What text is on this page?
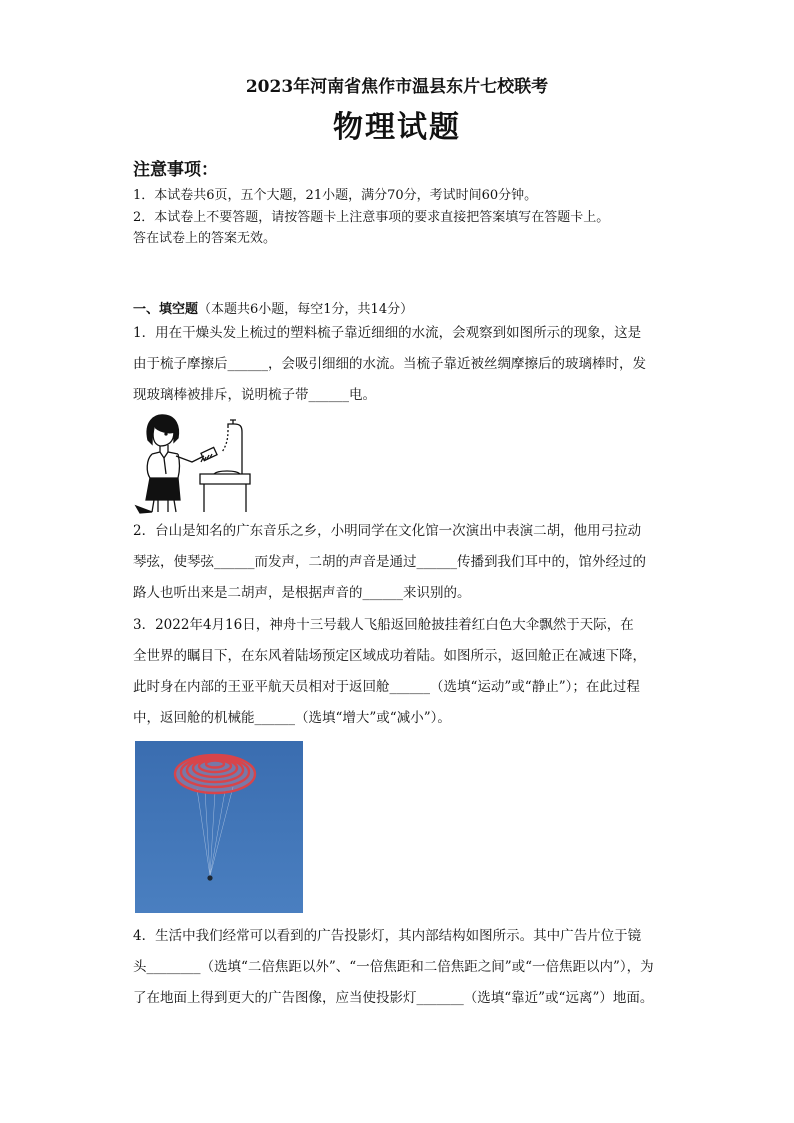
2023年河南省焦作市温县东片七校联考
物理试题
注意事项：
1．本试卷共6页，五个大题，21小题，满分70分，考试时间60分钟。
2．本试卷上不要答题，请按答题卡上注意事项的要求直接把答案填写在答题卡上。
答在试卷上的答案无效。
一、填空题（本题共6小题，每空1分，共14分）

1．用在干燥头发上梳过的塑料梳子靠近细细的水流，会观察到如图所示的现象，这是

由于梳子摩擦后______，会吸引细细的水流。当梳子靠近被丝绸摩擦后的玻璃棒时，发

现玻璃棒被排斥，说明梳子带______电。

2．台山是知名的广东音乐之乡，小明同学在文化馆一次演出中表演二胡，他用弓拉动

琴弦，使琴弦______而发声，二胡的声音是通过______传播到我们耳中的，馆外经过的

路人也听出来是二胡声，是根据声音的______来识别的。

3．2022年4月16日，神舟十三号载人飞船返回舱披挂着红白色大伞飘然于天际，在

全世界的瞩目下，在东风着陆场预定区域成功着陆。如图所示，返回舱正在减速下降，

此时身在内部的王亚平航天员相对于返回舱______（选填“运动”或“静止”）；在此过程

中，返回舱的机械能______（选填“增大”或“减小”）。

4．生活中我们经常可以看到的广告投影灯，其内部结构如图所示。其中广告片位于镜

头________（选填“二倍焦距以外”、“一倍焦距和二倍焦距之间”或“一倍焦距以内”），为

了在地面上得到更大的广告图像，应当使投影灯_______（选填“靠近”或“远离”）地面。
